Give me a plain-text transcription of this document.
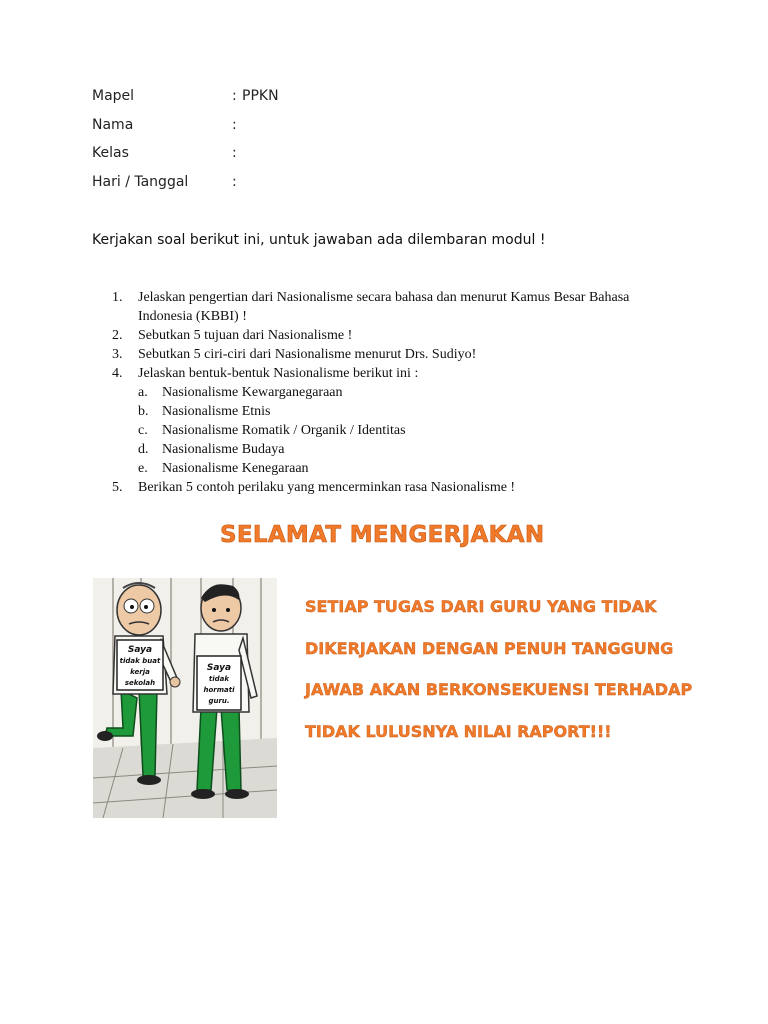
Mapel	: PPKN
Nama	:
Kelas	:
Hari / Tanggal	:
Kerjakan soal berikut ini, untuk jawaban ada dilembaran modul !
1. Jelaskan pengertian dari Nasionalisme secara bahasa dan menurut Kamus Besar Bahasa
Indonesia (KBBI) !
2. Sebutkan 5 tujuan dari Nasionalisme !
3. Sebutkan 5 ciri-ciri dari Nasionalisme menurut Drs. Sudiyo!
4. Jelaskan bentuk-bentuk Nasionalisme berikut ini :
a. Nasionalisme Kewarganegaraan
b. Nasionalisme Etnis
c. Nasionalisme Romatik / Organik / Identitas
d. Nasionalisme Budaya
e. Nasionalisme Kenegaraan
5. Berikan 5 contoh perilaku yang mencerminkan rasa Nasionalisme !
SELAMAT MENGERJAKAN
Saya
tidak buat
kerja
sekolah
Saya
tidak
hormati
guru.
SETIAP TUGAS DARI GURU YANG TIDAK
DIKERJAKAN DENGAN PENUH TANGGUNG
JAWAB AKAN BERKONSEKUENSI TERHADAP
TIDAK LULUSNYA NILAI RAPORT!!!
